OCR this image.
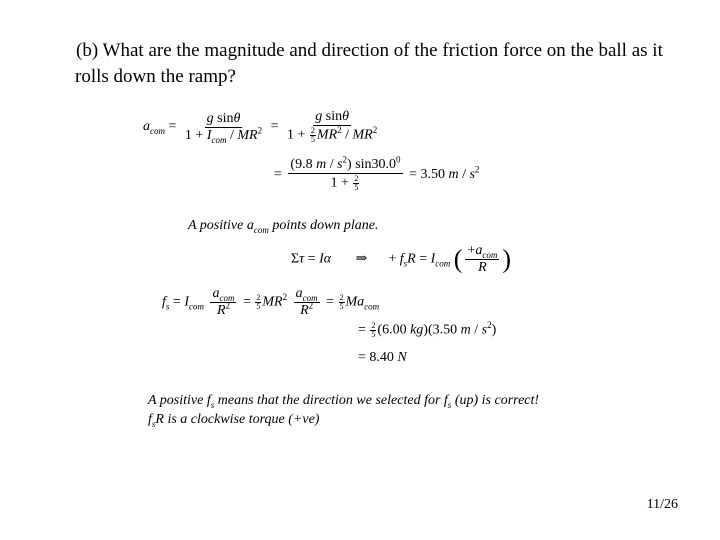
(b) What are the magnitude and direction of the friction force on the ball as it

rolls down the ramp?
$a_{com} = \frac{\text{g sinθ}}{1 + I_{com} / MR^2} = \frac{\text{g sinθ}}{1 + \frac{2}{5} MR^2 / MR^2}$
= $\frac{(9.8 m / s^2) \sin 30.0^0}{1 + \frac{2}{5}} = 3.50$ m / $s^2$
A positive $a_{com}$ points down plane.
Στ = Iα       ⇒      + $f_sR = I_{com}$ ( $\frac{+a_{com}}{R}$ )
$f_s = I_{com} \frac{a_{com}}{R^2} = \frac{2}{5} MR^2 \frac{a_{com}}{R^2} = \frac{2}{5} Ma_{com}$
= $\frac{2}{5} (6.00$ kg)(3.50 m / $s^2$)
= 8.40 N
A positive $f_s$ means that the direction we selected for $f_s$ (up) is correct!
$f_sR$ is a clockwise torque (+ve)
11/26
